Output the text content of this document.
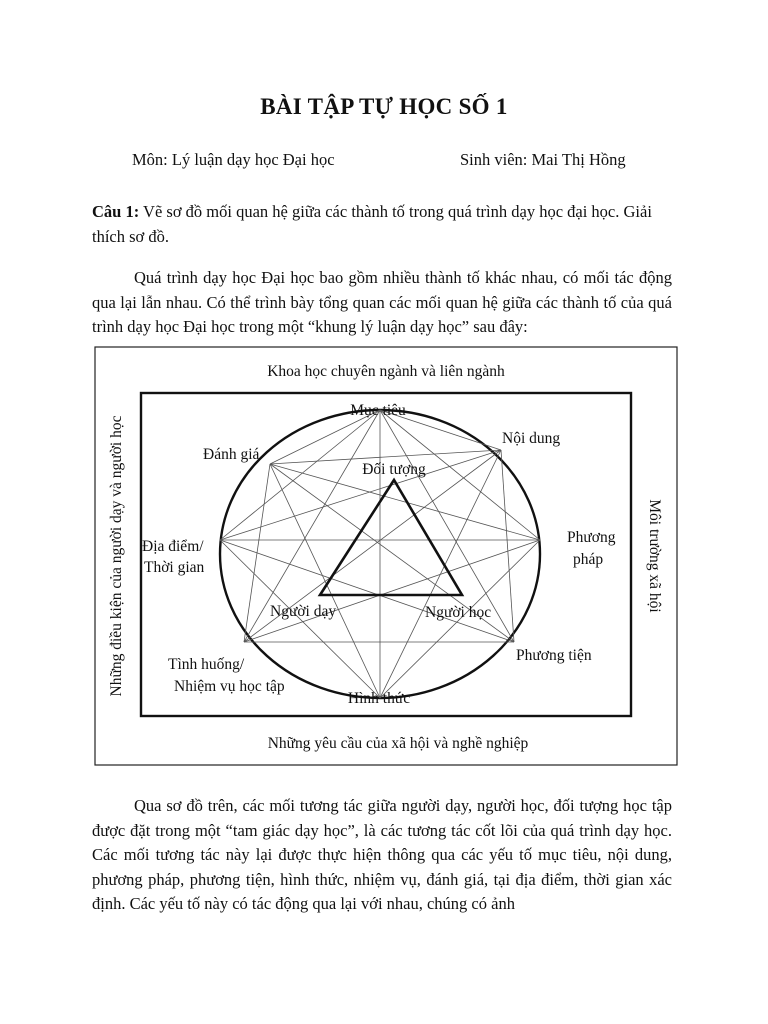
BÀI TẬP TỰ HỌC SỐ 1
Môn: Lý luận dạy học Đại học	Sinh viên: Mai Thị Hồng
Câu 1: Vẽ sơ đồ mối quan hệ giữa các thành tố trong quá trình dạy học đại học. Giải thích sơ đồ.
Quá trình dạy học Đại học bao gồm nhiều thành tố khác nhau, có mối tác động qua lại lẫn nhau. Có thể trình bày tổng quan các mối quan hệ giữa các thành tố của quá trình dạy học Đại học trong một “khung lý luận dạy học” sau đây:
Khoa học chuyên ngành và liên ngành
Những yêu cầu của xã hội và nghề nghiệp
Những điều kiện của người dạy và người học	Môi trường xã hội
Mục tiêu
Nội dung
Phương
pháp
Phương tiện
Hình thức
Tình huống/
Nhiệm vụ học tập
Địa điểm/
Thời gian
Đánh giá
Đối tượng
Người dạy	Người học
Qua sơ đồ trên, các mối tương tác giữa người dạy, người học, đối tượng học tập được đặt trong một “tam giác dạy học”, là các tương tác cốt lõi của quá trình dạy học. Các mối tương tác này lại được thực hiện thông qua các yếu tố mục tiêu, nội dung, phương pháp, phương tiện, hình thức, nhiệm vụ, đánh giá, tại địa điểm, thời gian xác định. Các yếu tố này có tác động qua lại với nhau, chúng có ảnh
